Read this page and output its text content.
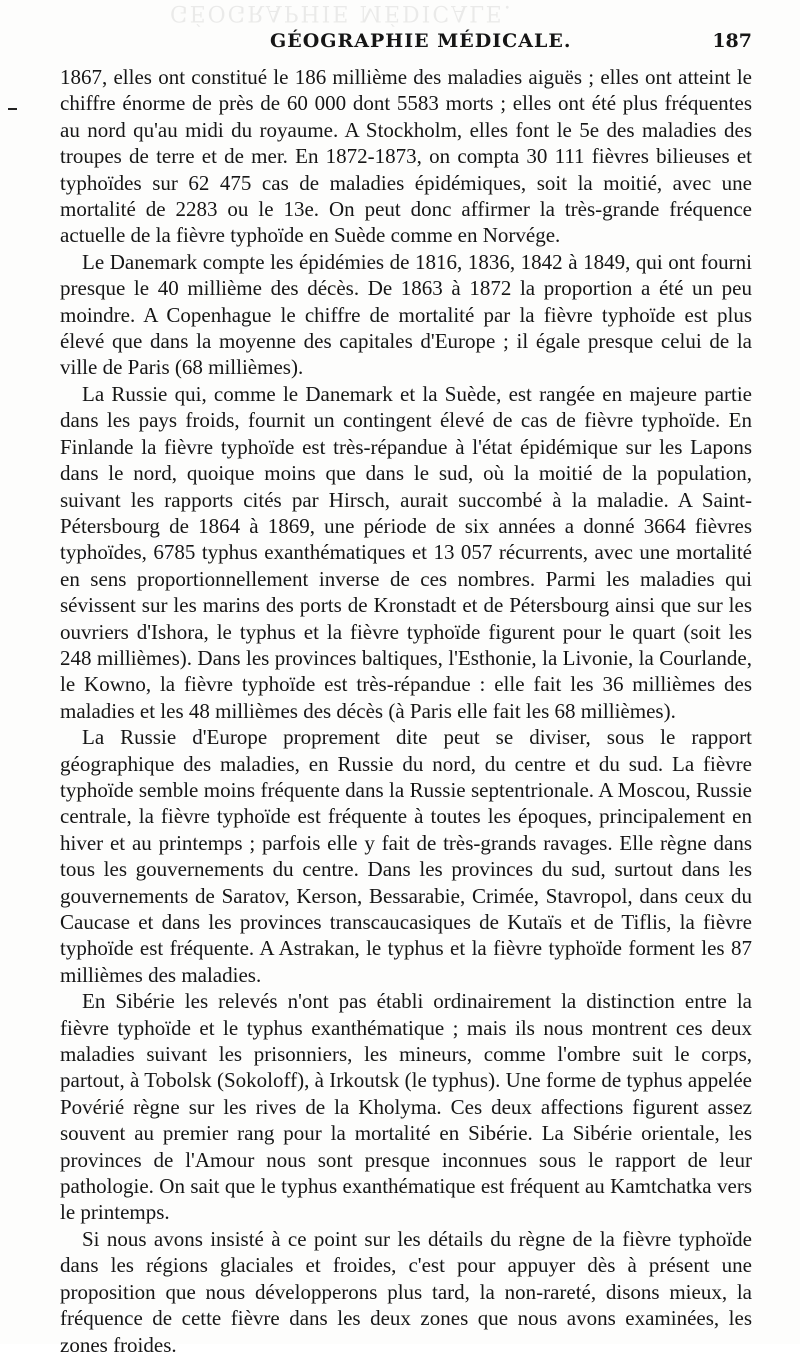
GÉOGRAPHIE MÉDICALE.
GÉOGRAPHIE MÉDICALE.	187

1867, elles ont constitué le 186 millième des maladies aiguës ; elles ont atteint le chiffre énorme de près de 60 000 dont 5583 morts ; elles ont été plus fréquentes au nord qu'au midi du royaume. A Stockholm, elles font le 5e des maladies des troupes de terre et de mer. En 1872-1873, on compta 30 111 fièvres bilieuses et typhoïdes sur 62 475 cas de maladies épidémiques, soit la moitié, avec une mortalité de 2283 ou le 13e. On peut donc affirmer la très-grande fréquence actuelle de la fièvre typhoïde en Suède comme en Norvége.

Le Danemark compte les épidémies de 1816, 1836, 1842 à 1849, qui ont fourni presque le 40 millième des décès. De 1863 à 1872 la proportion a été un peu moindre. A Copenhague le chiffre de mortalité par la fièvre typhoïde est plus élevé que dans la moyenne des capitales d'Europe ; il égale presque celui de la ville de Paris (68 millièmes).

La Russie qui, comme le Danemark et la Suède, est rangée en majeure partie dans les pays froids, fournit un contingent élevé de cas de fièvre typhoïde. En Finlande la fièvre typhoïde est très-répandue à l'état épidémique sur les Lapons dans le nord, quoique moins que dans le sud, où la moitié de la population, suivant les rapports cités par Hirsch, aurait succombé à la maladie. A Saint-Pétersbourg de 1864 à 1869, une période de six années a donné 3664 fièvres typhoïdes, 6785 typhus exanthématiques et 13 057 récurrents, avec une mortalité en sens proportionnellement inverse de ces nombres. Parmi les maladies qui sévissent sur les marins des ports de Kronstadt et de Pétersbourg ainsi que sur les ouvriers d'Ishora, le typhus et la fièvre typhoïde figurent pour le quart (soit les 248 millièmes). Dans les provinces baltiques, l'Esthonie, la Livonie, la Courlande, le Kowno, la fièvre typhoïde est très-répandue : elle fait les 36 millièmes des maladies et les 48 millièmes des décès (à Paris elle fait les 68 millièmes).

La Russie d'Europe proprement dite peut se diviser, sous le rapport géographique des maladies, en Russie du nord, du centre et du sud. La fièvre typhoïde semble moins fréquente dans la Russie septentrionale. A Moscou, Russie centrale, la fièvre typhoïde est fréquente à toutes les époques, principalement en hiver et au printemps ; parfois elle y fait de très-grands ravages. Elle règne dans tous les gouvernements du centre. Dans les provinces du sud, surtout dans les gouvernements de Saratov, Kerson, Bessarabie, Crimée, Stavropol, dans ceux du Caucase et dans les provinces transcaucasiques de Kutaïs et de Tiflis, la fièvre typhoïde est fréquente. A Astrakan, le typhus et la fièvre typhoïde forment les 87 millièmes des maladies.

En Sibérie les relevés n'ont pas établi ordinairement la distinction entre la fièvre typhoïde et le typhus exanthématique ; mais ils nous montrent ces deux maladies suivant les prisonniers, les mineurs, comme l'ombre suit le corps, partout, à Tobolsk (Sokoloff), à Irkoutsk (le typhus). Une forme de typhus appelée Povérié règne sur les rives de la Kholyma. Ces deux affections figurent assez souvent au premier rang pour la mortalité en Sibérie. La Sibérie orientale, les provinces de l'Amour nous sont presque inconnues sous le rapport de leur pathologie. On sait que le typhus exanthématique est fréquent au Kamtchatka vers le printemps.

Si nous avons insisté à ce point sur les détails du règne de la fièvre typhoïde dans les régions glaciales et froides, c'est pour appuyer dès à présent une proposition que nous développerons plus tard, la non-rareté, disons mieux, la fréquence de cette fièvre dans les deux zones que nous avons examinées, les zones froides.
